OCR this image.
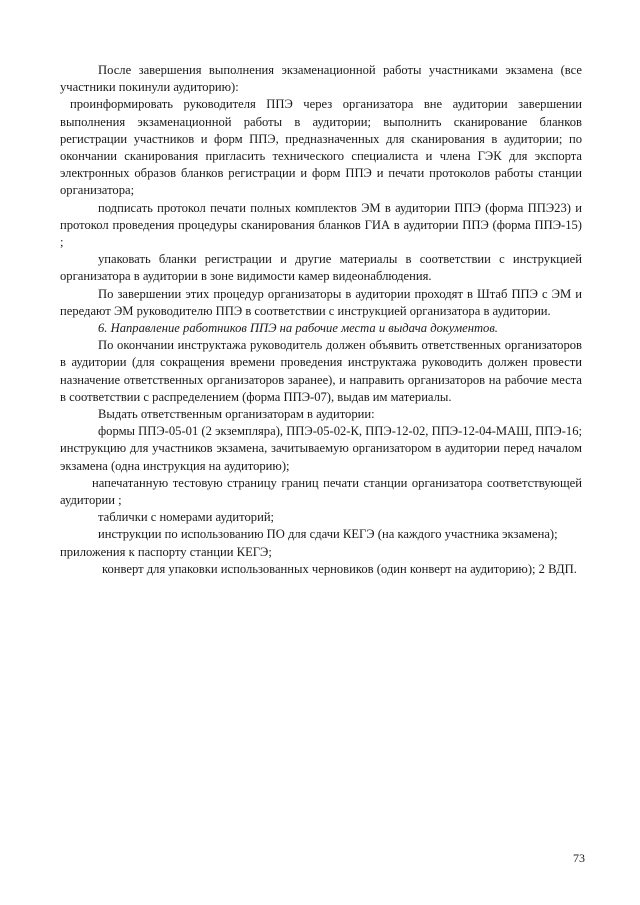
После завершения выполнения экзаменационной работы участниками экзамена (все участники покинули аудиторию):

проинформировать руководителя ППЭ через организатора вне аудитории завершении выполнения экзаменационной работы в аудитории; выполнить сканирование бланков регистрации участников и форм ППЭ, предназначенных для сканирования в аудитории; по окончании сканирования пригласить технического специалиста и члена ГЭК для экспорта электронных образов бланков регистрации и форм ППЭ и печати протоколов работы станции организатора;

подписать протокол печати полных комплектов ЭМ в аудитории ППЭ (форма ППЭ23) и протокол проведения процедуры сканирования бланков ГИА в аудитории ППЭ (форма ППЭ-15) ;

упаковать бланки регистрации и другие материалы в соответствии с инструкцией организатора в аудитории в зоне видимости камер видеонаблюдения.

По завершении этих процедур организаторы в аудитории проходят в Штаб ППЭ с ЭМ и передают ЭМ руководителю ППЭ в соответствии с инструкцией организатора в аудитории.

6. Направление работников ППЭ на рабочие места и выдача документов.

По окончании инструктажа руководитель должен объявить ответственных организаторов в аудитории (для сокращения времени проведения инструктажа руководить должен провести назначение ответственных организаторов заранее), и направить организаторов на рабочие места в соответствии с распределением (форма ППЭ-07), выдав им материалы.

Выдать ответственным организаторам в аудитории:

формы ППЭ-05-01 (2 экземпляра), ППЭ-05-02-К, ППЭ-12-02, ППЭ-12-04-МАШ, ППЭ-16; инструкцию для участников экзамена, зачитываемую организатором в аудитории перед началом экзамена (одна инструкция на аудиторию);

напечатанную тестовую страницу границ печати станции организатора соответствующей аудитории ;

таблички с номерами аудиторий;

инструкции по использованию ПО для сдачи КЕГЭ (на каждого участника экзамена); приложения к паспорту станции КЕГЭ;

конверт для упаковки использованных черновиков (один конверт на аудиторию); 2 ВДП.

73
